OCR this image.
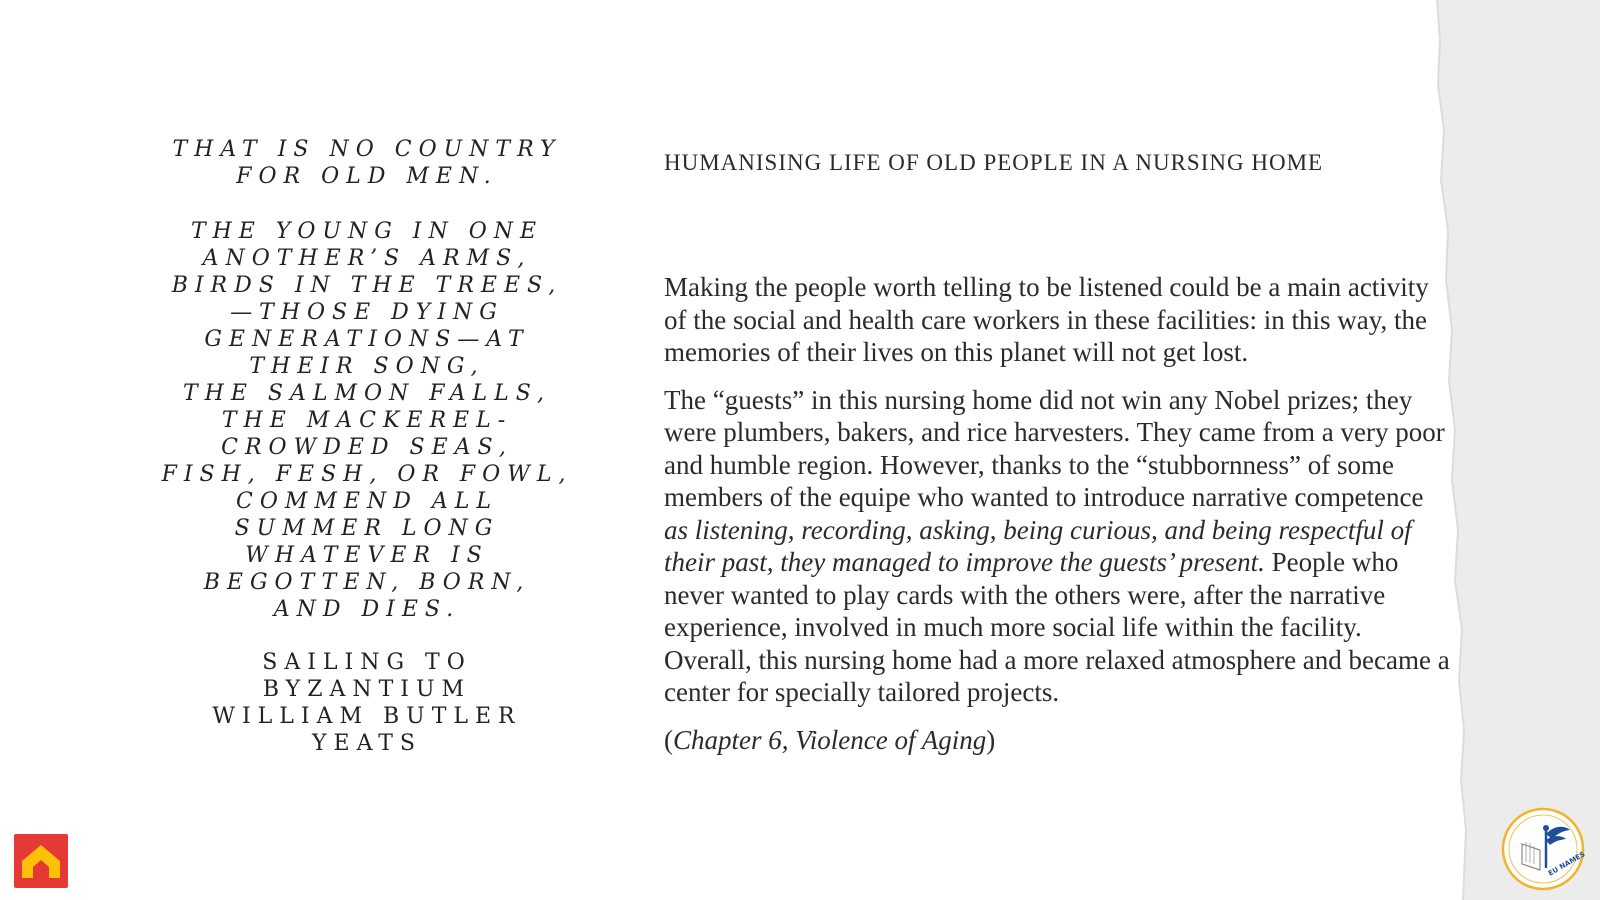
THAT IS NO COUNTRY
FOR OLD MEN.
THE YOUNG IN ONE
ANOTHER’S ARMS,
BIRDS IN THE TREES,
—THOSE DYING
GENERATIONS—AT
THEIR SONG,
THE SALMON FALLS,
THE MACKEREL-
CROWDED SEAS,
FISH, FESH, OR FOWL,
COMMEND ALL
SUMMER LONG
WHATEVER IS
BEGOTTEN, BORN,
AND DIES.
SAILING TO
BYZANTIUM
WILLIAM BUTLER
YEATS
HUMANISING LIFE OF OLD PEOPLE IN A NURSING HOME

Making the people worth telling to be listened could be a main activity of the social and health care workers in these facilities: in this way, the memories of their lives on this planet will not get lost.

The “guests” in this nursing home did not win any Nobel prizes; they were plumbers, bakers, and rice harvesters. They came from a very poor and humble region. However, thanks to the “stubbornness” of some members of the equipe who wanted to introduce narrative competence as listening, recording, asking, being curious, and being respectful of their past, they managed to improve the guests’ present. People who never wanted to play cards with the others were, after the narrative experience, involved in much more social life within the facility. Overall, this nursing home had a more relaxed atmosphere and became a center for specially tailored projects.

(Chapter 6, Violence of Aging)

EU NAMES
